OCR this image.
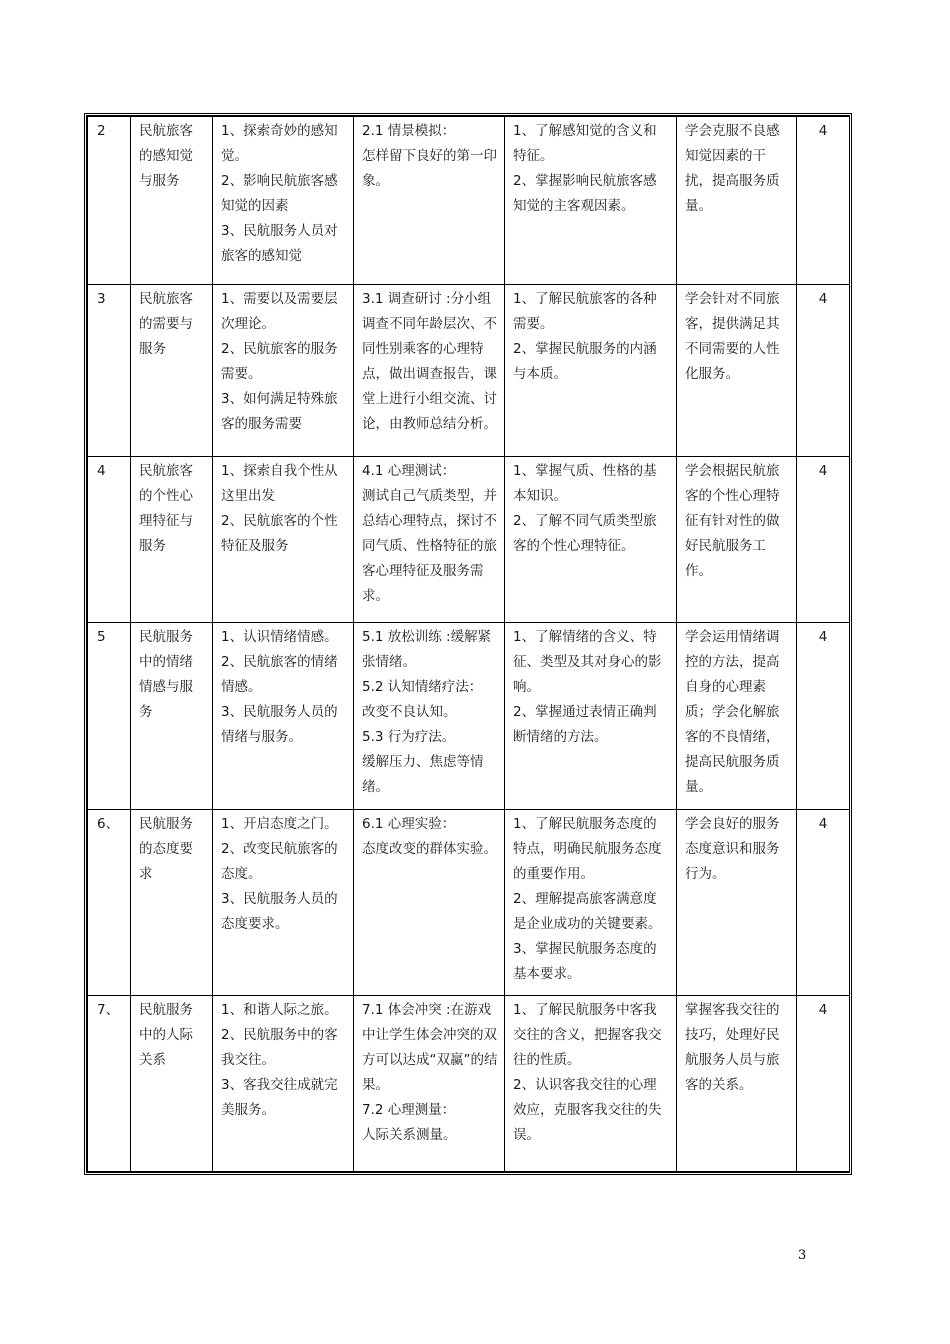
2	民航旅客的感知觉与服务	1、探索奇妙的感知觉。
2、影响民航旅客感知觉的因素
3、民航服务人员对旅客的感知觉	2.1 情景模拟：
怎样留下良好的第一印象。	1、了解感知觉的含义和特征。
2、掌握影响民航旅客感知觉的主客观因素。	学会克服不良感知觉因素的干扰，提高服务质量。	4

3	民航旅客的需要与服务	1、需要以及需要层次理论。
2、民航旅客的服务需要。
3、如何满足特殊旅客的服务需要	3.1 调查研讨 :分小组调查不同年龄层次、不同性别乘客的心理特点，做出调查报告，课堂上进行小组交流、讨论，由教师总结分析。	1、了解民航旅客的各种需要。
2、掌握民航服务的内涵与本质。	学会针对不同旅客，提供满足其不同需要的人性化服务。	4

4	民航旅客的个性心理特征与服务	1、探索自我个性从这里出发
2、民航旅客的个性特征及服务	4.1 心理测试：
测试自己气质类型，并总结心理特点，探讨不同气质、性格特征的旅客心理特征及服务需求。	1、掌握气质、性格的基本知识。
2、了解不同气质类型旅客的个性心理特征。	学会根据民航旅客的个性心理特征有针对性的做好民航服务工作。	4

5	民航服务中的情绪情感与服务	1、认识情绪情感。
2、民航旅客的情绪情感。
3、民航服务人员的情绪与服务。	5.1 放松训练 :缓解紧张情绪。
5.2 认知情绪疗法：
改变不良认知。
5.3 行为疗法。
缓解压力、焦虑等情绪。	1、了解情绪的含义、特征、类型及其对身心的影响。
2、掌握通过表情正确判断情绪的方法。	学会运用情绪调控的方法，提高自身的心理素质；学会化解旅客的不良情绪，提高民航服务质量。	4

6、	民航服务的态度要求	1、开启态度之门。
2、改变民航旅客的态度。
3、民航服务人员的态度要求。	6.1 心理实验：
态度改变的群体实验。	1、了解民航服务态度的特点，明确民航服务态度的重要作用。
2、理解提高旅客满意度是企业成功的关键要素。
3、掌握民航服务态度的基本要求。	学会良好的服务态度意识和服务行为。	4

7、	民航服务中的人际关系	1、和谐人际之旅。
2、民航服务中的客我交往。
3、客我交往成就完美服务。	7.1 体会冲突 :在游戏中让学生体会冲突的双方可以达成“双赢”的结果。
7.2 心理测量：
人际关系测量。	1、了解民航服务中客我交往的含义，把握客我交往的性质。
2、认识客我交往的心理效应，克服客我交往的失误。	掌握客我交往的技巧，处理好民航服务人员与旅客的关系。	4
3
